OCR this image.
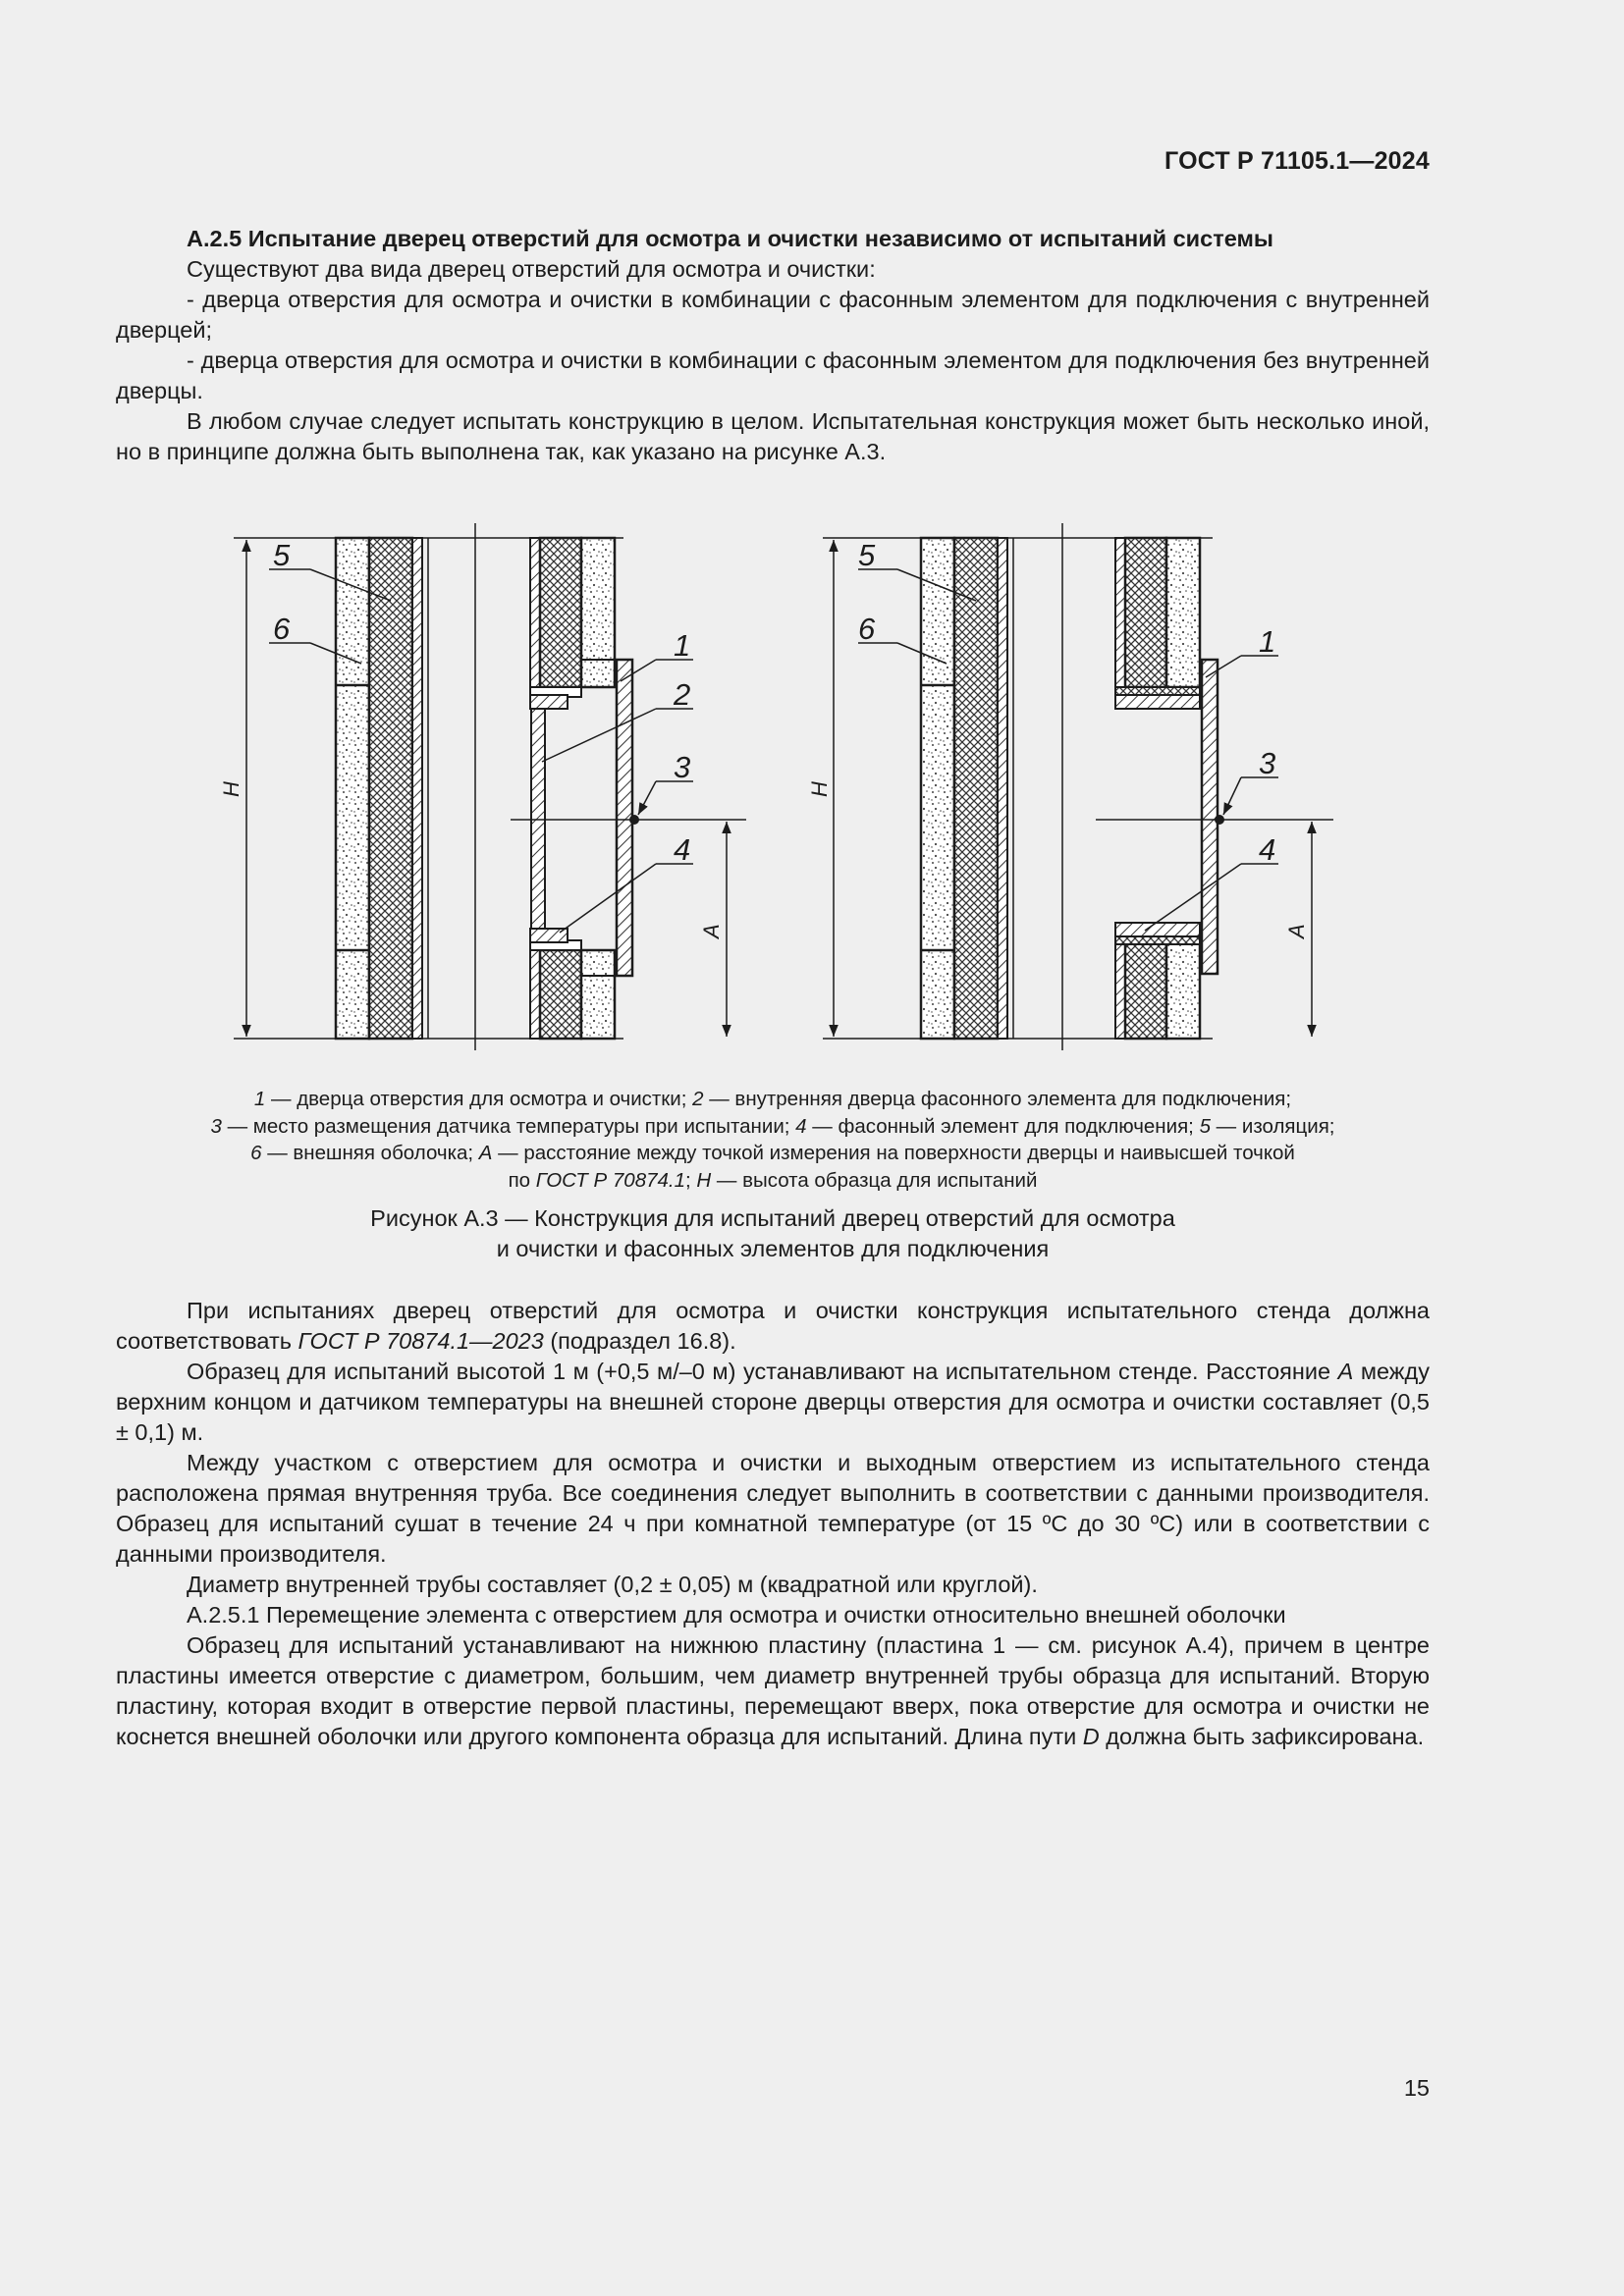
ГОСТ Р 71105.1—2024

А.2.5 Испытание дверец отверстий для осмотра и очистки независимо от испытаний системы

Существуют два вида дверец отверстий для осмотра и очистки:

- дверца отверстия для осмотра и очистки в комбинации с фасонным элементом для подключения с внутренней дверцей;

- дверца отверстия для осмотра и очистки в комбинации с фасонным элементом для подключения без внутренней дверцы.

В любом случае следует испытать конструкцию в целом. Испытательная конструкция может быть несколько иной, но в принципе должна быть выполнена так, как указано на рисунке А.3.

5
6	1
2
3
4
H
A
5
6	1
3
4
H
A

1 — дверца отверстия для осмотра и очистки; 2 — внутренняя дверца фасонного элемента для подключения;

3 — место размещения датчика температуры при испытании; 4 — фасонный элемент для подключения; 5 — изоляция;

6 — внешняя оболочка; А — расстояние между точкой измерения на поверхности дверцы и наивысшей точкой

по ГОСТ Р 70874.1; Н — высота образца для испытаний

Рисунок А.3 — Конструкция для испытаний дверец отверстий для осмотра

и очистки и фасонных элементов для подключения

При испытаниях дверец отверстий для осмотра и очистки конструкция испытательного стенда должна соответствовать ГОСТ Р 70874.1—2023 (подраздел 16.8).

Образец для испытаний высотой 1 м (+0,5 м/–0 м) устанавливают на испытательном стенде. Расстояние А между верхним концом и датчиком температуры на внешней стороне дверцы отверстия для осмотра и очистки составляет (0,5 ± 0,1) м.

Между участком с отверстием для осмотра и очистки и выходным отверстием из испытательного стенда расположена прямая внутренняя труба. Все соединения следует выполнить в соответствии с данными производителя. Образец для испытаний сушат в течение 24 ч при комнатной температуре (от 15 ºС до 30 ºС) или в соответствии с данными производителя.

Диаметр внутренней трубы составляет (0,2 ± 0,05) м (квадратной или круглой).

А.2.5.1 Перемещение элемента с отверстием для осмотра и очистки относительно внешней оболочки

Образец для испытаний устанавливают на нижнюю пластину (пластина 1 — см. рисунок А.4), причем в центре пластины имеется отверстие с диаметром, большим, чем диаметр внутренней трубы образца для испытаний. Вторую пластину, которая входит в отверстие первой пластины, перемещают вверх, пока отверстие для осмотра и очистки не коснется внешней оболочки или другого компонента образца для испытаний. Длина пути D должна быть зафиксирована.

15
